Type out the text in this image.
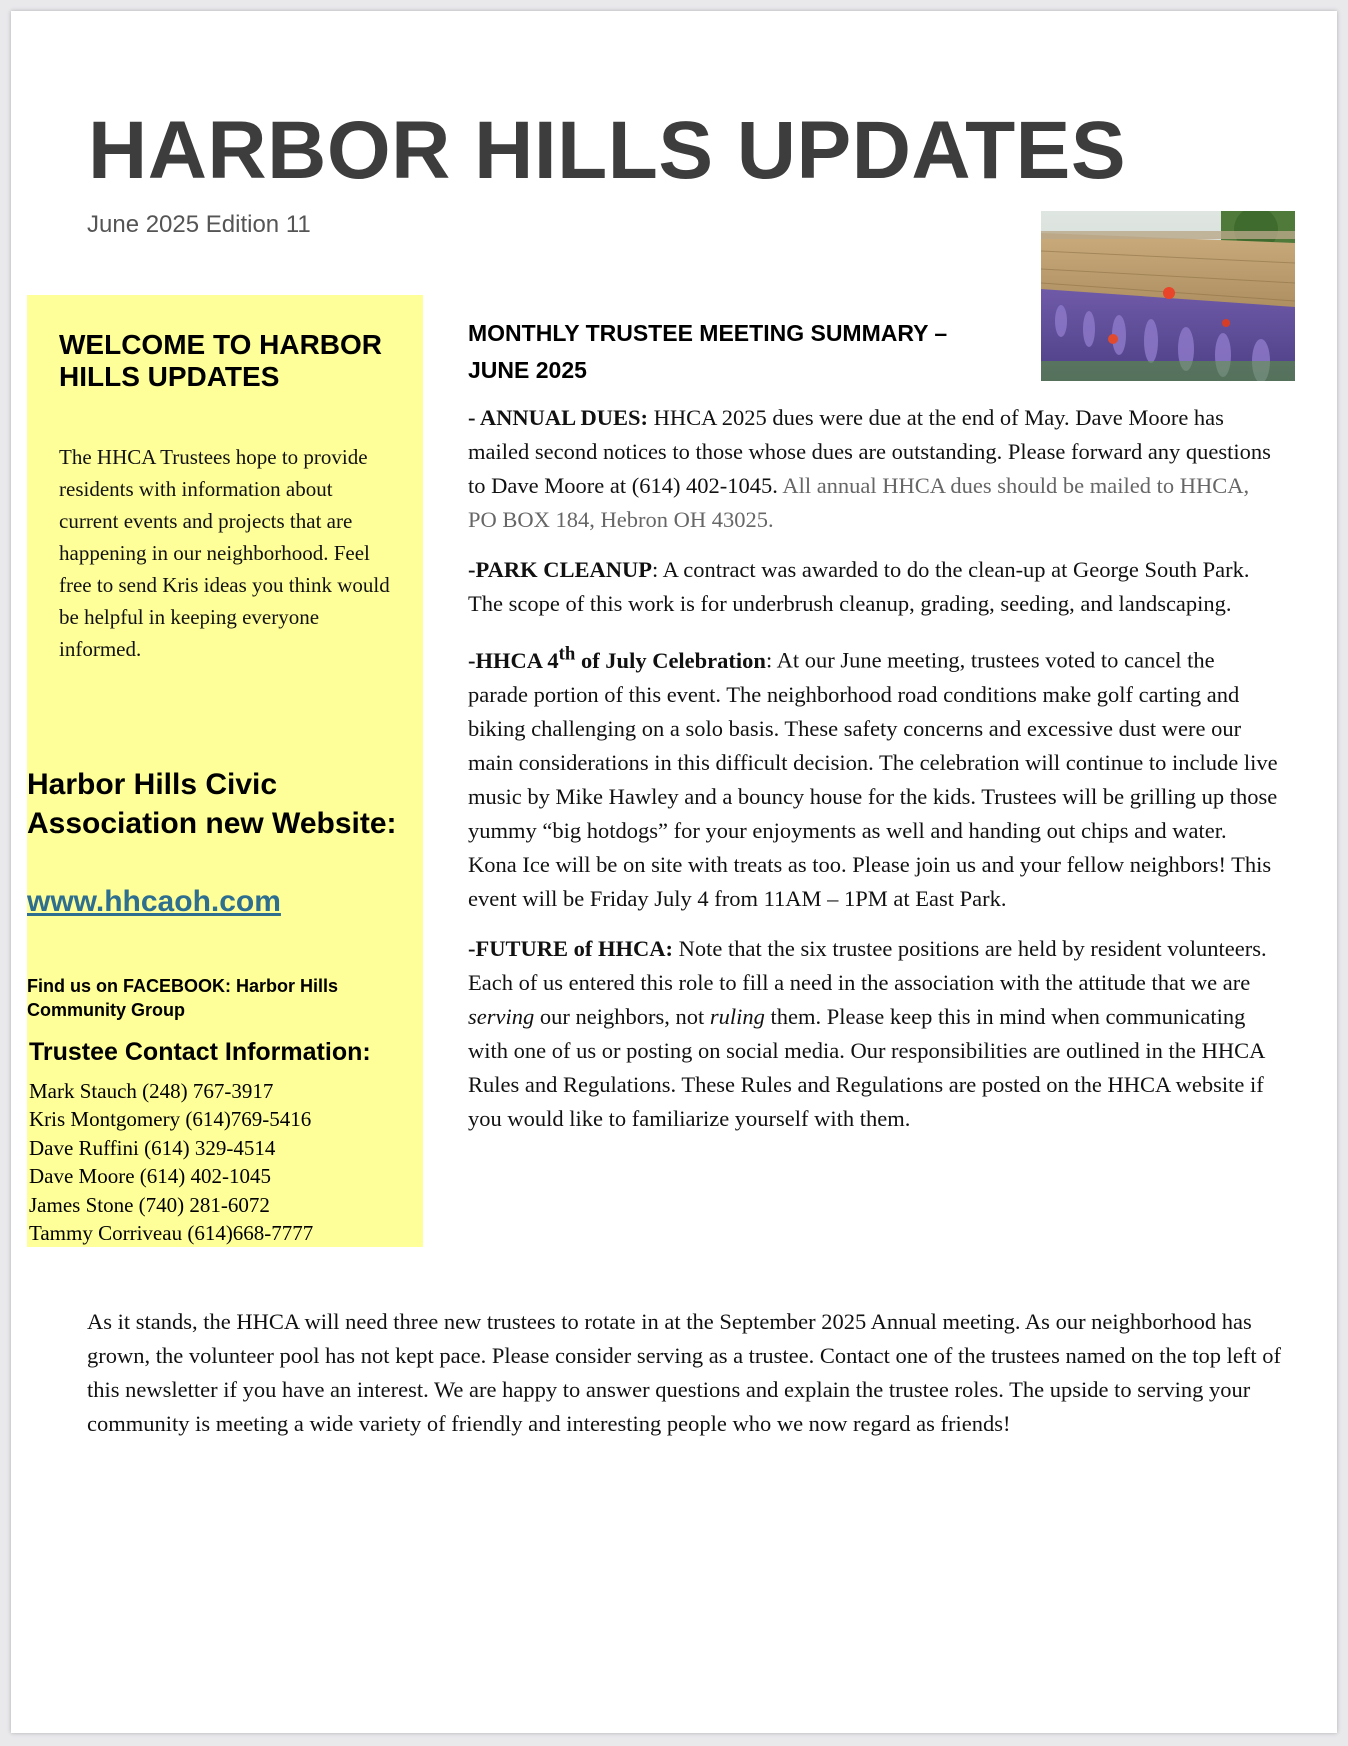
HARBOR HILLS UPDATES
June 2025 Edition 11
WELCOME TO HARBOR HILLS UPDATES

The HHCA Trustees hope to provide residents with information about current events and projects that are happening in our neighborhood. Feel free to send Kris ideas you think would be helpful in keeping everyone informed.

Harbor Hills Civic Association new Website:
www.hhcaoh.com

Find us on FACEBOOK: Harbor Hills Community Group

Trustee Contact Information:
Mark Stauch (248) 767-3917
Kris Montgomery (614)769-5416
Dave Ruffini (614) 329-4514
Dave Moore (614) 402-1045
James Stone (740) 281-6072
Tammy Corriveau (614)668-7777
MONTHLY TRUSTEE MEETING SUMMARY –
JUNE 2025

- ANNUAL DUES: HHCA 2025 dues were due at the end of May. Dave Moore has mailed second notices to those whose dues are outstanding. Please forward any questions to Dave Moore at (614) 402-1045. All annual HHCA dues should be mailed to HHCA, PO BOX 184, Hebron OH 43025.

-PARK CLEANUP: A contract was awarded to do the clean-up at George South Park. The scope of this work is for underbrush cleanup, grading, seeding, and landscaping.

-HHCA 4th of July Celebration: At our June meeting, trustees voted to cancel the parade portion of this event. The neighborhood road conditions make golf carting and biking challenging on a solo basis. These safety concerns and excessive dust were our main considerations in this difficult decision. The celebration will continue to include live music by Mike Hawley and a bouncy house for the kids. Trustees will be grilling up those yummy “big hotdogs” for your enjoyments as well and handing out chips and water. Kona Ice will be on site with treats as too. Please join us and your fellow neighbors! This event will be Friday July 4 from 11AM – 1PM at East Park.

-FUTURE of HHCA: Note that the six trustee positions are held by resident volunteers. Each of us entered this role to fill a need in the association with the attitude that we are serving our neighbors, not ruling them. Please keep this in mind when communicating with one of us or posting on social media. Our responsibilities are outlined in the HHCA Rules and Regulations. These Rules and Regulations are posted on the HHCA website if you would like to familiarize yourself with them.

As it stands, the HHCA will need three new trustees to rotate in at the September 2025 Annual meeting. As our neighborhood has grown, the volunteer pool has not kept pace. Please consider serving as a trustee. Contact one of the trustees named on the top left of this newsletter if you have an interest. We are happy to answer questions and explain the trustee roles. The upside to serving your community is meeting a wide variety of friendly and interesting people who we now regard as friends!
